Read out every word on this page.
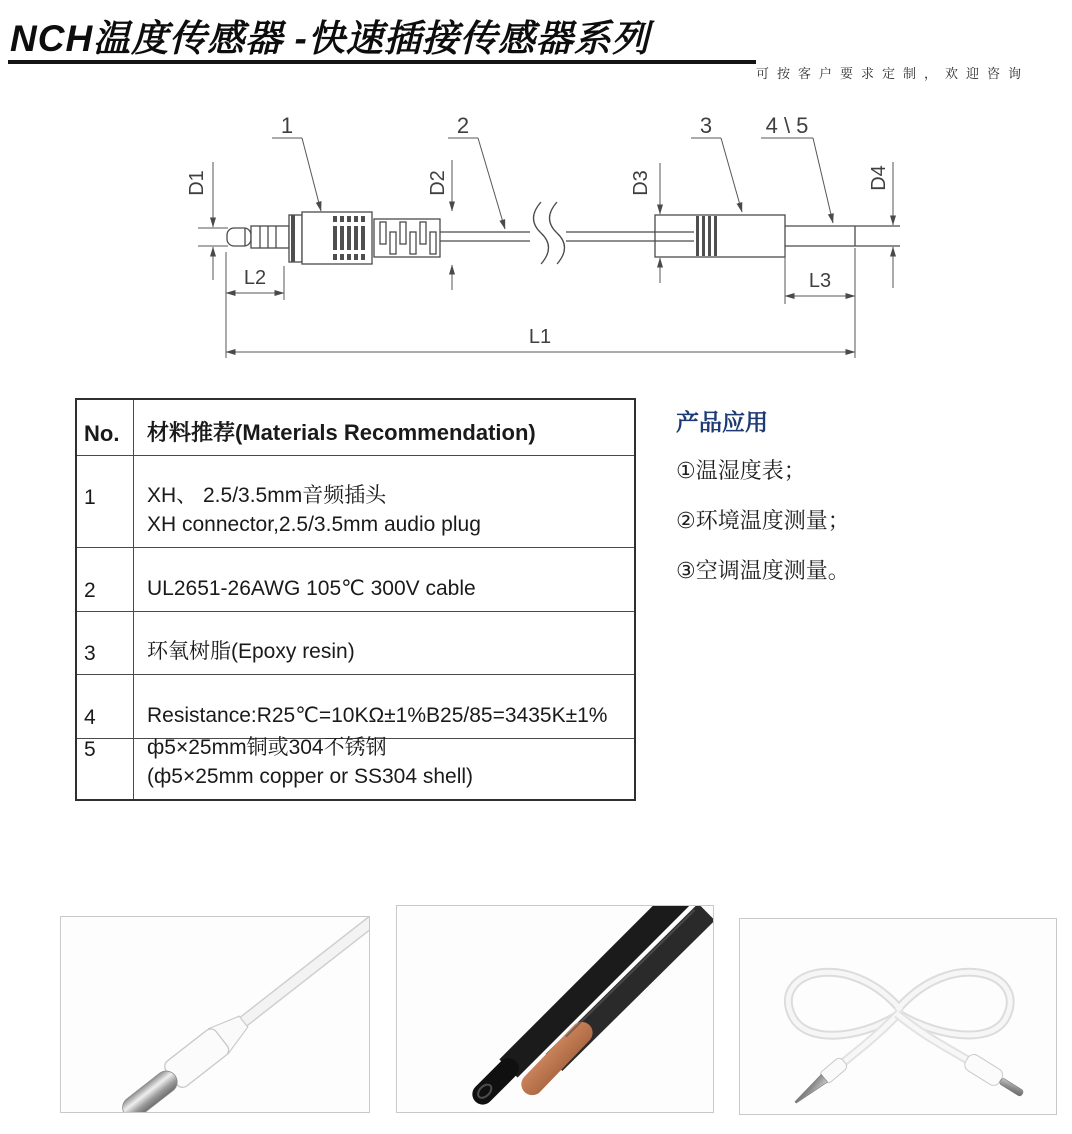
NCH温度传感器 -快速插接传感器系列
可按客户要求定制，欢迎咨询
1	2	3 4 \ 5
D1	D2	D3	D4
L2	L3
L1
No.	材料推荐(Materials Recommendation)
1	XH、 2.5/3.5mm音频插头
XH connector,2.5/3.5mm audio plug
2	UL2651-26AWG 105℃ 300V cable
3	环氧树脂(Epoxy resin)
4	Resistance:R25℃=10KΩ±1%B25/85=3435K±1%
5	ф5×25mm铜或304不锈钢
(ф5×25mm copper or SS304 shell)
产品应用
①温湿度表；
②环境温度测量；
③空调温度测量。
